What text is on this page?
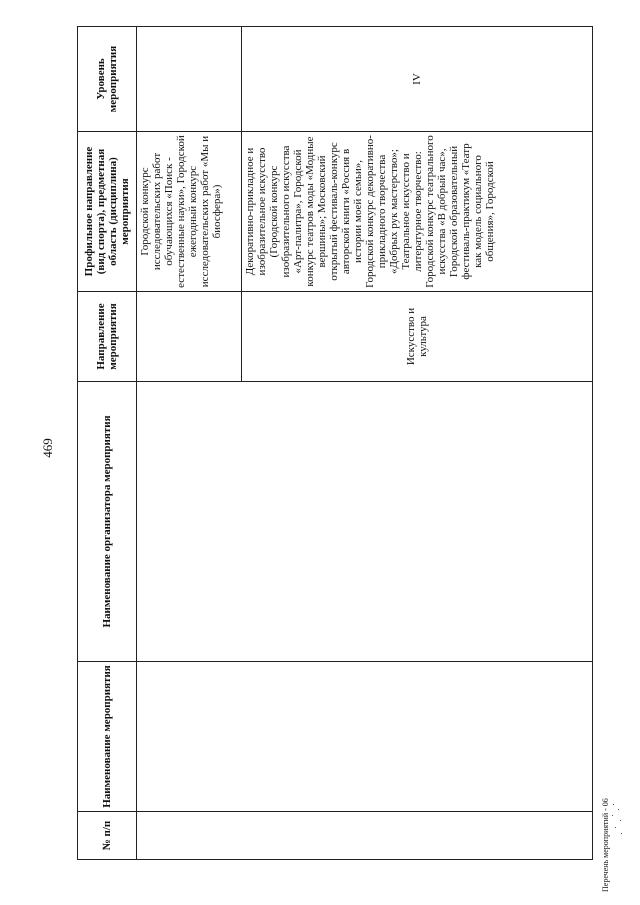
469
№ п/п	Наименование мероприятия	Наименование организатора мероприятия	Направление мероприятия	Профильное направление (вид спорта), предметная область (дисциплина) мероприятия	Уровень мероприятия
				Городской конкурс исследовательских работ обучающихся «Поиск - естественные науки», Городской ежегодный конкурс исследовательских работ «Мы и биосфера»)	
			Искусство и культура	Декоративно-прикладное и изобразительное искусство (Городской конкурс изобразительного искусства «Арт-палитра», Городской конкурс театров моды «Модные вершины»; Московский открытый фестиваль-конкурс авторской книги «Россия в истории моей семьи», Городской конкурс декоративно-прикладного творчества «Добрых рук мастерство»; Театральное искусство и литературное творчество: Городской конкурс театрального искусства «В добрый час», Городской образовательный фестиваль-практикум «Театр как модель социального общения», Городской	IV
Перечень мероприятий - 06
